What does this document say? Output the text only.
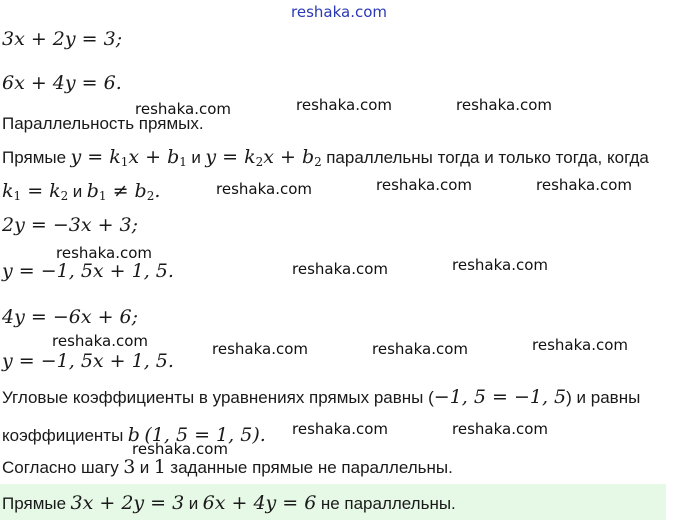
3x + 2y = 3;
6x + 4y = 6.
Параллельность прямых.
Прямые $y = k_1x + b_1$ и $y = k_2x + b_2$ параллельны тогда и только тогда, когда
$k_1 = k_2$ и $b_1 \ne b_2$.
2y = −3x + 3;
y = −1, 5x + 1, 5.
4y = −6x + 6;
y = −1, 5x + 1, 5.
Угловые коэффициенты в уравнениях прямых равны (−1, 5 = −1, 5) и равны
коэффициенты b (1, 5 = 1, 5).
Согласно шагу 3 и 1 заданные прямые не параллельны.
Прямые 3x + 2y = 3 и 6x + 4y = 6 не параллельны.
reshaka.com
reshaka.com	reshaka.com	reshaka.com
reshaka.com	reshaka.com	reshaka.com
reshaka.com
reshaka.com	reshaka.com
reshaka.com	reshaka.com	reshaka.com	reshaka.com
reshaka.com	reshaka.com
reshaka.com
